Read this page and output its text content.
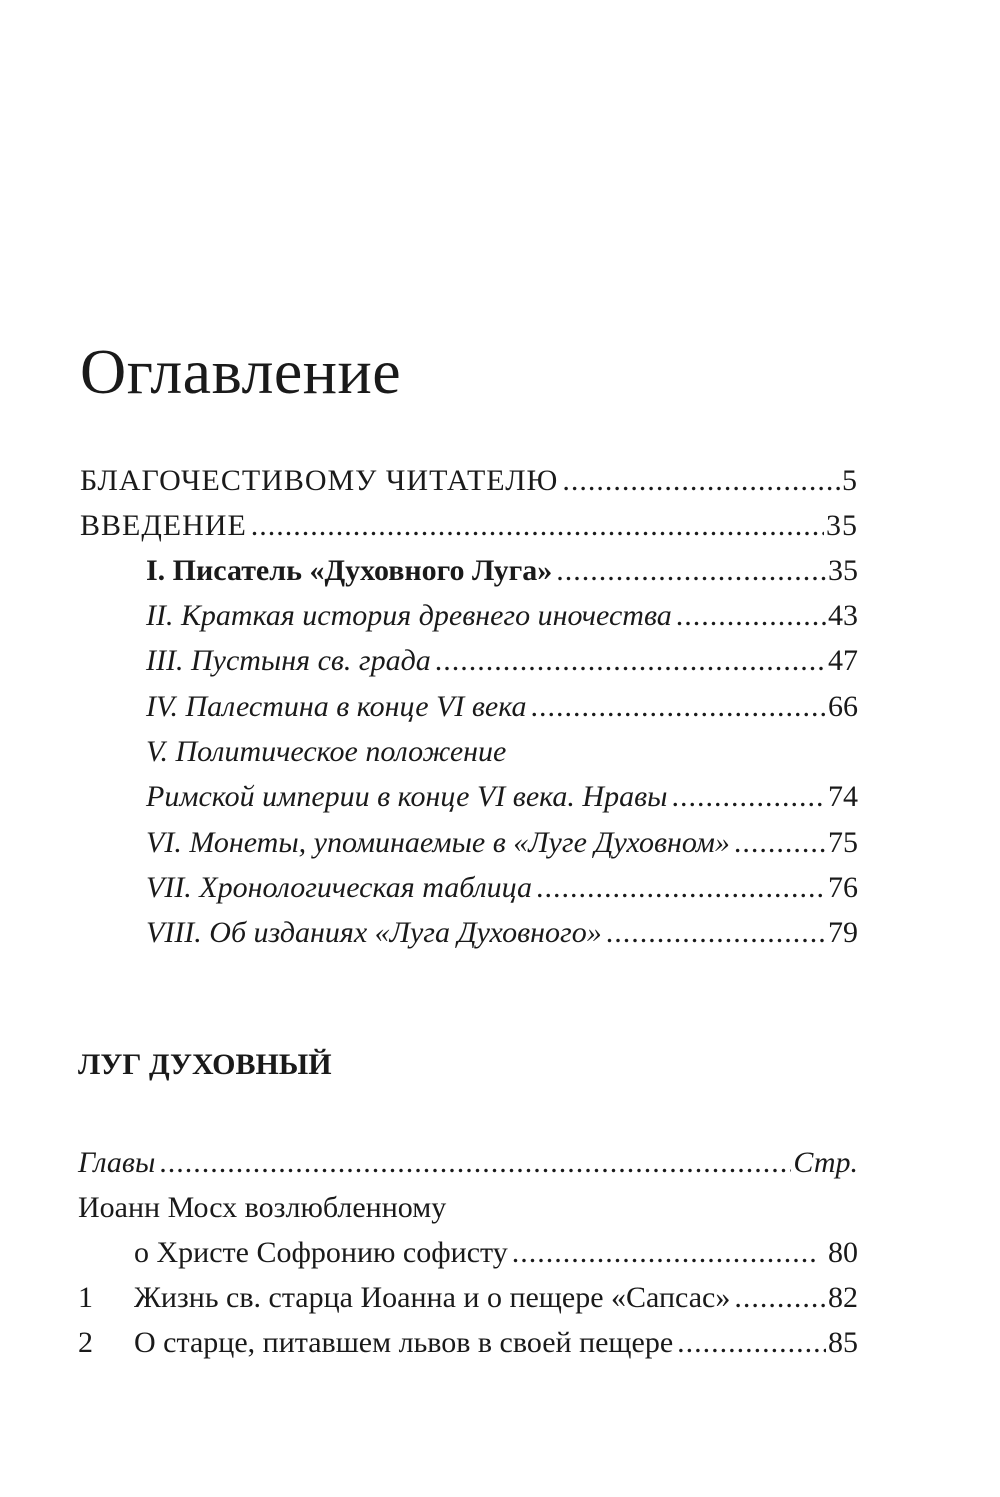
Оглавление
БЛАГОЧЕСТИВОМУ ЧИТАТЕЛЮ .....	5
ВВЕДЕНИЕ .....	35
I. Писатель «Духовного Луга» .....	35
II. Краткая история древнего иночества .....	43
III. Пустыня св. града .....	47
IV. Палестина в конце VI века .....	66
V. Политическое положение
Римской империи в конце VI века. Нравы .....	74
VI. Монеты, упоминаемые в «Луге Духовном» .....	75
VII. Хронологическая таблица .....	76
VIII. Об изданиях «Луга Духовного» .....	79
ЛУГ ДУХОВНЫЙ
Главы .....	Стр.
Иоанн Мосх возлюбленному
о Христе Софронию софисту .....	80
1 Жизнь св. старца Иоанна и о пещере «Сапсас» .....	82
2 О старце, питавшем львов в своей пещере .....	85
